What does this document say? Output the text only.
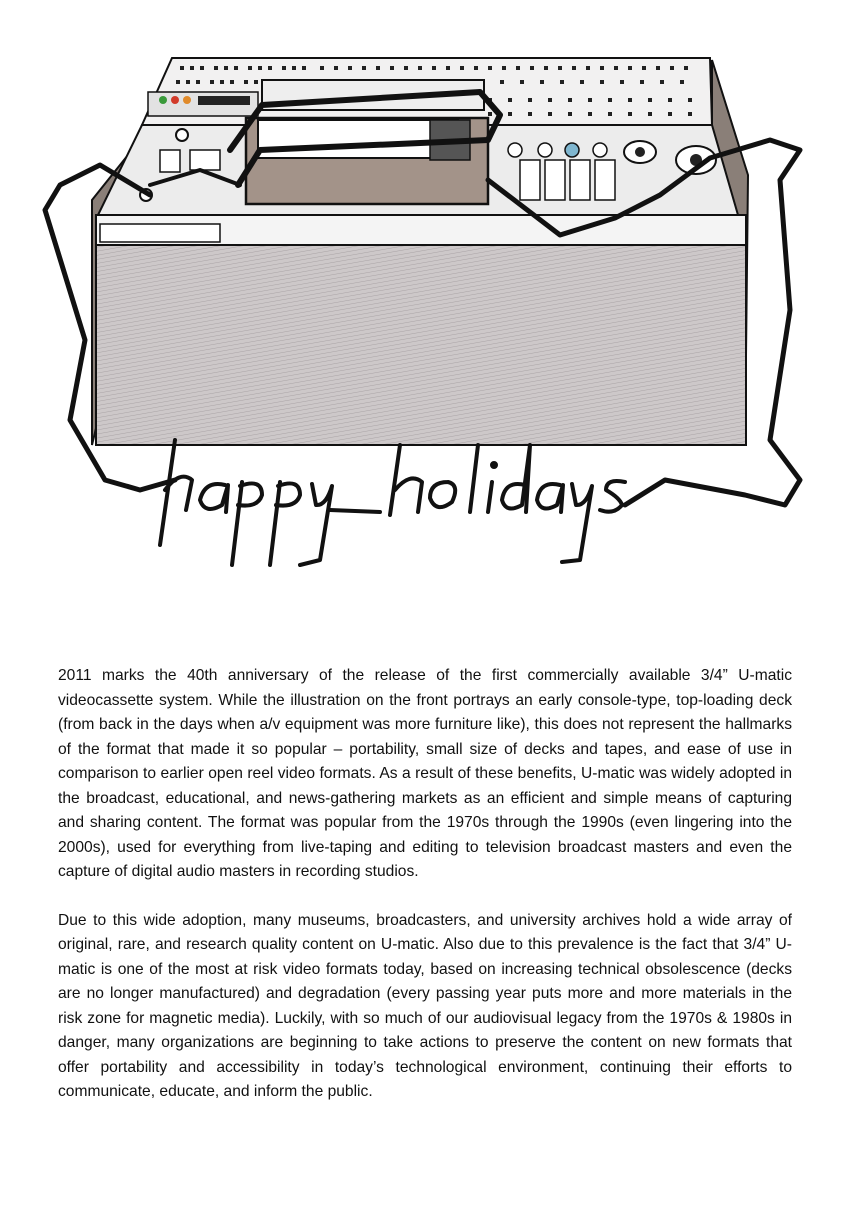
2011 marks the 40th anniversary of the release of the first commercially available 3/4” U-matic videocassette system. While the illustration on the front portrays an early console-type, top-loading deck (from back in the days when a/v equipment was more furniture like), this does not represent the hallmarks of the format that made it so popular – portability, small size of decks and tapes, and ease of use in comparison to earlier open reel video formats. As a result of these benefits, U-matic was widely adopted in the broadcast, educational, and news-gathering markets as an efficient and simple means of capturing and sharing content. The format was popular from the 1970s through the 1990s (even lingering into the 2000s), used for everything from live-taping and editing to television broadcast masters and even the capture of digital audio masters in recording studios.

Due to this wide adoption, many museums, broadcasters, and university archives hold a wide array of original, rare, and research quality content on U-matic. Also due to this prevalence is the fact that 3/4” U-matic is one of the most at risk video formats today, based on increasing technical obsolescence (decks are no longer manufactured) and degradation (every passing year puts more and more materials in the risk zone for magnetic media). Luckily, with so much of our audiovisual legacy from the 1970s & 1980s in danger, many organizations are beginning to take actions to preserve the content on new formats that offer portability and accessibility in today’s technological environment, continuing their efforts to communicate, educate, and inform the public.
